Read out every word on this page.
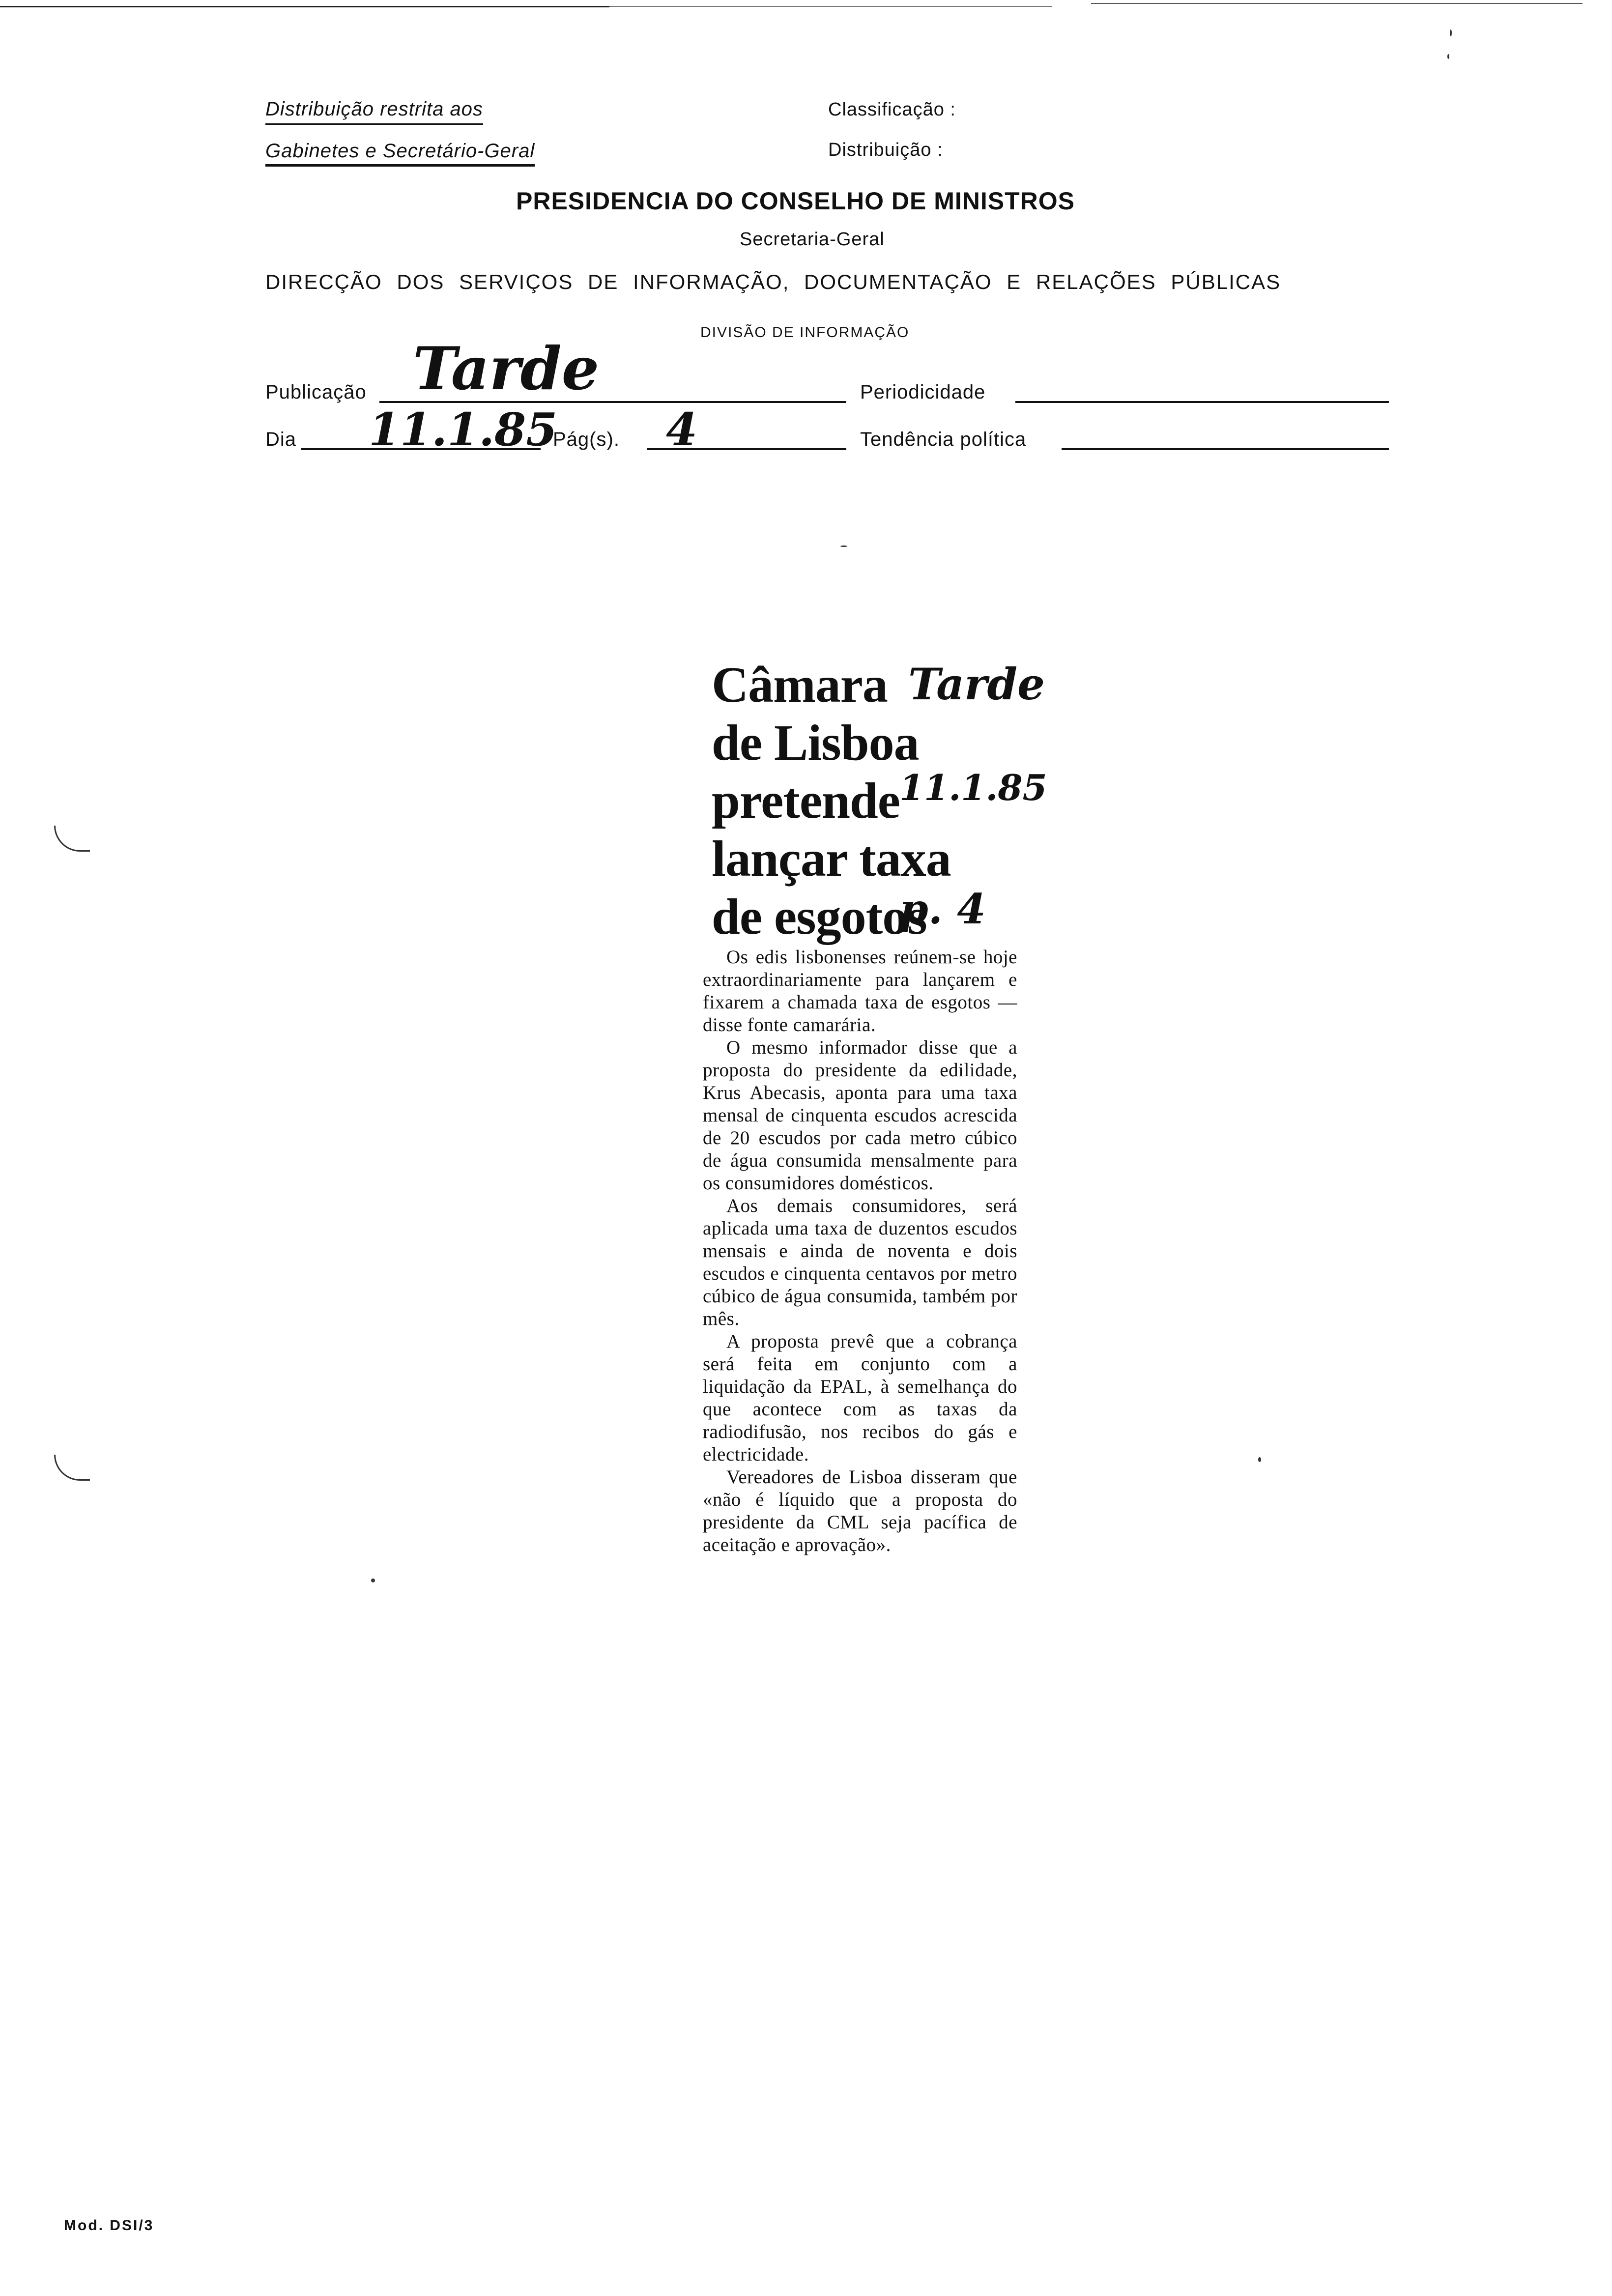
Distribuição restrita aos
Gabinetes e Secretário-Geral
Classificação :
Distribuição :
PRESIDENCIA DO CONSELHO DE MINISTROS
Secretaria-Geral
DIRECÇÃO DOS SERVIÇOS DE INFORMAÇÃO, DOCUMENTAÇÃO E RELAÇÕES PÚBLICAS
DIVISÃO DE INFORMAÇÃO
Publicação Tarde	Periodicidade
Dia 11.1.85
Pág(s). 4	Tendência política
Câmara
de Lisboa
pretende
lançar taxa
de esgotos
Tarde
11.1.85
p. 4

Os edis lisbonenses reúnem-se hoje extraordinariamente para lançarem e fixarem a chamada taxa de esgotos — disse fonte camarária.

O mesmo informador disse que a proposta do presidente da edilidade, Krus Abecasis, aponta para uma taxa mensal de cinquenta escudos acrescida de 20 escudos por cada metro cúbico de água consumida mensalmente para os consumidores domésticos.

Aos demais consumidores, será aplicada uma taxa de duzentos escudos mensais e ainda de noventa e dois escudos e cinquenta centavos por metro cúbico de água consumida, também por mês.

A proposta prevê que a cobrança será feita em conjunto com a liquidação da EPAL, à semelhança do que acontece com as taxas da radiodifusão, nos recibos do gás e electricidade.

Vereadores de Lisboa disseram que «não é líquido que a proposta do presidente da CML seja pacífica de aceitação e aprovação».

Mod. DSI/3
